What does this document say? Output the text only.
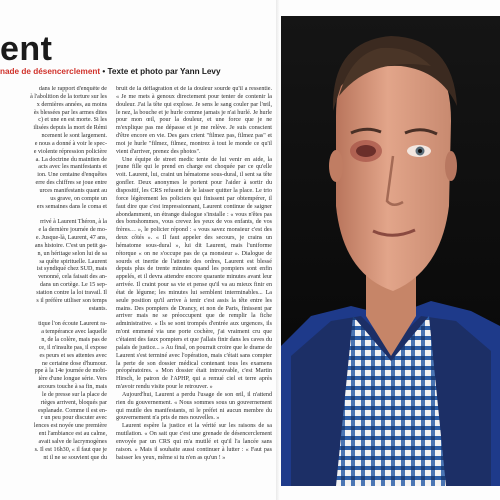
ent
nade de désencerclement • Texte et photo par Yann Levy
dans le rapport d'enquête de
à l'abolition de la torture sur les
x dernières années, au moins
ès blessées par les armes dites
c) et une en est morte. Si les
ilisées depuis la mort de Rémi
ncement le sont largement.
e nous a donné à voir le spec-
e violente répression policière
a. La doctrine du maintien de
acts avec les manifestants et
ion. Une centaine d'enquêtes
erre des chiffres se joue entre
urces manifestants quant au
us grave, on compte un
ers semaines dans le coma et
rrivé à Laurent Théron, à la
e la dernière journée de mo-
e. Jusque-là, Laurent, 47 ans,
ans histoire. C'est un petit ga-
n, un héritage selon lui de sa
sa quête spirituelle. Laurent
ist syndiqué chez SUD, mais
venonné, cela faisait des an-
dans un cortège. Le 15 sep-
station contre la loi travail. Il
s il préfère utiliser son temps
estants.
tique l'on écoute Laurent ra-
a tempérance avec laquelle
n, de la colère, mais pas de
ce, il n'insulte pas, il expose
es peurs et ses attentes avec
ne certaine dose d'humour.
ppe à la 14e journée de mobi-
ière d'une longue série. Vers
arcours touche à sa fin, mais
le de presse sur la place de
rtèges arrivent, bloqués par
esplanade. Comme il est en-
r un peu pour discuter avec
lences est noyée une première
ent l'ambiance est au calme,
avait salve de lacrymogènes
s. Il est 16h30, « il faut que je
nt il ne se souvient que du

bruit de la déflagration et de la douleur sourde qu'il a ressentie. « Je me mets à genoux directement pour tenter de contenir la douleur. J'ai la tête qui explose. Je sens le sang couler par l'œil, le nez, la bouche et je hurle comme jamais je n'ai hurlé. Je hurle pour mon œil, pour la douleur, et une force que je ne m'explique pas me dépasse et je me relève. Je suis conscient d'être encore en vie. Des gars crient "filmez pas, filmez pas" et moi je hurle "filmez, filmez, montrez à tout le monde ce qu'il vient d'arriver, prenez des photos".

Une équipe de street medic tente de lui venir en aide, la jeune fille qui le prend en charge est choquée par ce qu'elle voit. Laurent, lui, craint un hématome sous-dural, il sent sa tête gonfler. Deux anonymes le portent pour l'aider à sortir du dispositif, les CRS refusent de le laisser quitter la place. Le trio force légèrement les policiers qui finissent par obtempérer, il faut dire que c'est impressionnant, Laurent continue de saigner abondamment, un étrange dialogue s'installe : « vous n'êtes pas des bonshommes, vous crevez les yeux de vos enfants, de vos frères… », le policier répond : « vous savez monsieur c'est des deux côtés ». « Il faut appeler des secours, je crains un hématome sous-dural », lui dit Laurent, mais l'uniforme rétorque « on ne s'occupe pas de ça monsieur ». Dialogue de sourds et inertie de l'attente des ordres, Laurent est blessé depuis plus de trente minutes quand les pompiers sont enfin appelés, et il devra attendre encore quarante minutes avant leur arrivée. Il craint pour sa vie et pense qu'il va au mieux finir en état de légume; les minutes lui semblent interminables... La seule position qu'il arrive à tenir c'est assis la tête entre les mains. Des pompiers de Drancy, et non de Paris, finissent par arriver mais ne se préoccupent que de remplir la fiche administrative. « Ils se sont trompés d'entrée aux urgences, ils m'ont emmené via une porte cochère, j'ai vraiment cru que c'étaient des faux pompiers et que j'allais finir dans les caves du palais de justice... » Au final, on pourrait croire que le drame de Laurent s'est terminé avec l'opération, mais c'était sans compter la perte de son dossier médical contenant tous les examens préopératoires. « Mon dossier était introuvable, c'est Martin Hirsch, le patron de l'APHP, qui a remué ciel et terre après m'avoir rendu visite pour le retrouver. »

Aujourd'hui, Laurent a perdu l'usage de son œil, il n'attend rien du gouvernement. « Nous sommes sous un gouvernement qui mutile des manifestants, ni le préfet ni aucun membre du gouvernement n'a pris de mes nouvelles. »

Laurent espère la justice et la vérité sur les raisons de sa mutilation. « On sait que c'est une grenade de désencerclement envoyée par un CRS qui m'a mutilé et qu'il l'a lancée sans raison. » Mais il souhaite aussi continuer à lutter : « Faut pas baisser les yeux, même si tu n'en as qu'un ! »
